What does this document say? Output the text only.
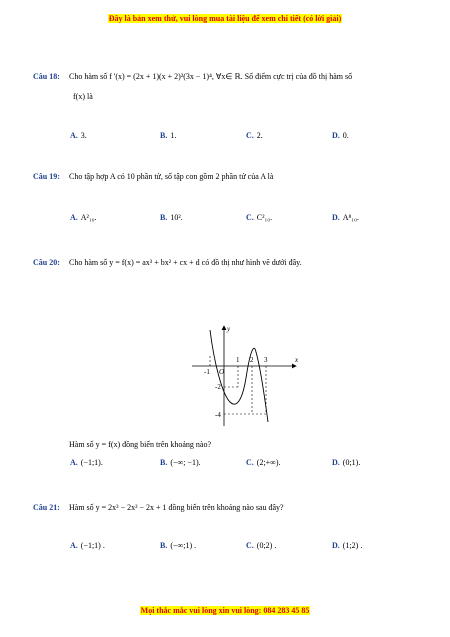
Đây là bản xem thử, vui lòng mua tài liệu để xem chi tiết (có lời giải)
Câu 18: Cho hàm số f '(x) = (2x + 1)(x + 2)²(3x − 1)⁴, ∀x∈ ℝ. Số điểm cực trị của đồ thị hàm số
f(x) là
A. 3.	B. 1.	C. 2.	D. 0.
Câu 19: Cho tập hợp A có 10 phần tử, số tập con gồm 2 phần tử của A là
A. A²₁₀.	B. 10².	C. C²₁₀.	D. A⁸₁₀.
Câu 20: Cho hàm số y = f(x) = ax³ + bx² + cx + d có đồ thị như hình vẽ dưới đây.
x
y
O
-1
1 2 3
-2
-4
Hàm số y = f(x) đồng biến trên khoảng nào?
A. (−1;1).	B. (−∞; −1).	C. (2;+∞).	D. (0;1).
Câu 21: Hàm số y = 2x³ − 2x² − 2x + 1 đồng biến trên khoảng nào sau đây?
A. (−1;1) .	B. (−∞;1) .	C. (0;2) .	D. (1;2) .
Mọi thắc mắc vui lòng xin vui lòng: 084 283 45 85
